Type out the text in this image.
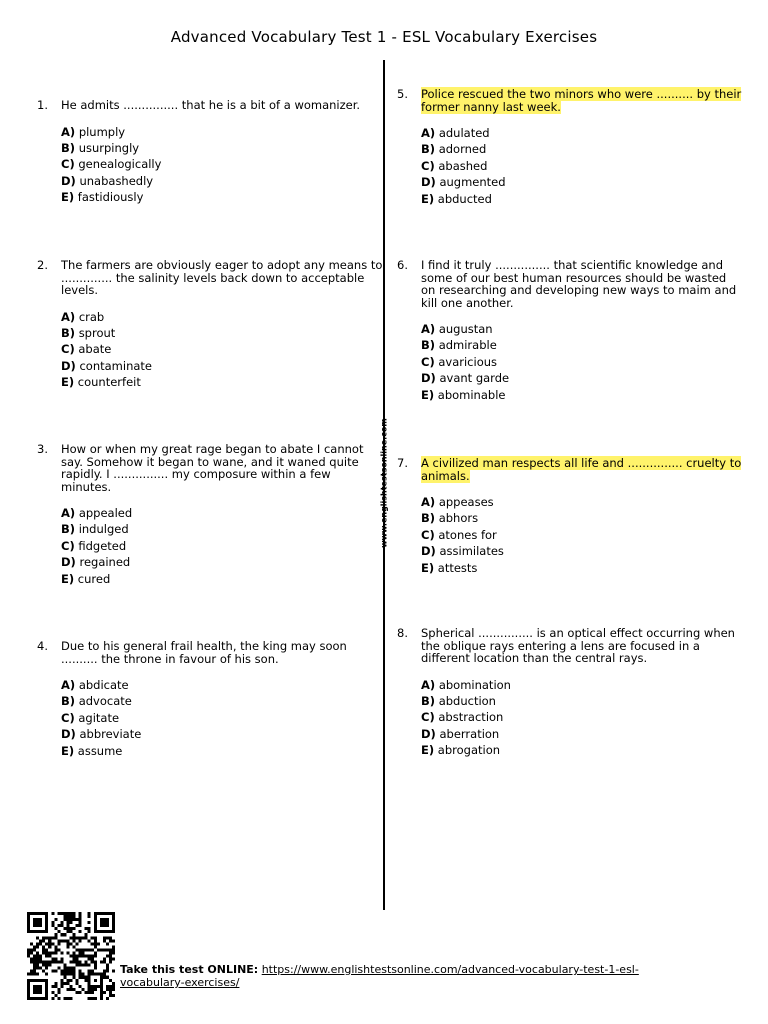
Advanced Vocabulary Test 1 - ESL Vocabulary Exercises
www.englishtestsonline.com
1. He admits ............... that he is a bit of a womanizer.
A) plumply
B) usurpingly
C) genealogically
D) unabashedly
E) fastidiously
2. The farmers are obviously eager to adopt any means to .............. the salinity levels back down to acceptable levels.
A) crab
B) sprout
C) abate
D) contaminate
E) counterfeit
3. How or when my great rage began to abate I cannot say. Somehow it began to wane, and it waned quite rapidly. I ............... my composure within a few minutes.
A) appealed
B) indulged
C) fidgeted
D) regained
E) cured
4. Due to his general frail health, the king may soon .......... the throne in favour of his son.
A) abdicate
B) advocate
C) agitate
D) abbreviate
E) assume
5. Police rescued the two minors who were .......... by their former nanny last week.
A) adulated
B) adorned
C) abashed
D) augmented
E) abducted
6. I find it truly ............... that scientific knowledge and some of our best human resources should be wasted on researching and developing new ways to maim and kill one another.
A) augustan
B) admirable
C) avaricious
D) avant garde
E) abominable
7. A civilized man respects all life and ............... cruelty to animals.
A) appeases
B) abhors
C) atones for
D) assimilates
E) attests
8. Spherical ............... is an optical effect occurring when the oblique rays entering a lens are focused in a different location than the central rays.
A) abomination
B) abduction
C) abstraction
D) aberration
E) abrogation
Take this test ONLINE: https://www.englishtestsonline.com/advanced-vocabulary-test-1-esl-vocabulary-exercises/
